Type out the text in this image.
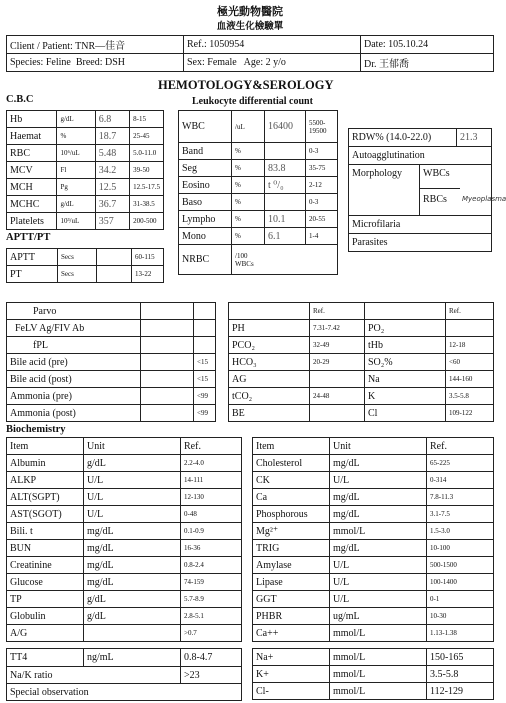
極光動物醫院
血液生化檢驗單
Client / Patient: TNR—佳音	Ref.: 1050954	Date: 105.10.24
Species: Feline Breed: DSH	Sex: Female Age: 2 y/o	Dr. 王郁喬
HEMOTOLOGY&SEROLOGY
C.B.C
Hb	g/dL	6.8	8-15
Haemat	%	18.7	25-45
RBC	10⁶/uL	5.48	5.0-11.0
MCV	Fl	34.2	39-50
MCH	Pg	12.5	12.5-17.5
MCHC	g/dL	36.7	31-38.5
Platelets	10³/uL	357	200-500
Leukocyte differential count
WBC	/uL	16400	5500-
19500

Band	%		0-3
Seg	%	83.8	35-75
Eosino	%	t ⁰/₀	2-12
Baso	%		0-3
Lympho	%	10.1	20-55
Mono	%	6.1	1-4
NRBC	/100
WBCs		
RDW% (14.0-22.0)	21.3
Autoagglutination

Morphology	WBCs
RBCs	Myeoplasma

Microfilaria
Parasites
APTT/PT
APTT	Secs		60-115
PT	Secs		13-22
Parvo		
FeLV Ag/FIV Ab		
fPL		
Bile acid (pre)		<15
Bile acid (post)		<15
Ammonia (pre)		<99
Ammonia (post)		<99
	Ref.		Ref.
PH	7.31-7.42	PO₂	
PCO₂	32-49	tHb	12-18
HCO₃	20-29	SO₂%	<60
AG		Na	144-160
tCO₂	24-48	K	3.5-5.8
BE		Cl	109-122
Biochemistry
Item	Unit	Ref.
Albumin	g/dL	2.2-4.0
ALKP	U/L	14-111
ALT(SGPT)	U/L	12-130
AST(SGOT)	U/L	0-48
Bili. t	mg/dL	0.1-0.9
BUN	mg/dL	16-36
Creatinine	mg/dL	0.8-2.4
Glucose	mg/dL	74-159
TP	g/dL	5.7-8.9
Globulin	g/dL	2.8-5.1
A/G		>0.7
Item	Unit	Ref.
Cholesterol	mg/dL	65-225
CK	U/L	0-314
Ca	mg/dL	7.8-11.3
Phosphorous	mg/dL	3.1-7.5
Mg²⁺	mmol/L	1.5-3.0
TRIG	mg/dL	10-100
Amylase	U/L	500-1500
Lipase	U/L	100-1400
GGT	U/L	0-1
PHBR	ug/mL	10-30
Ca++	mmol/L	1.13-1.38
TT4	ng/mL	0.8-4.7
Na/K ratio		>23
Special observation		
Na+	mmol/L	150-165
K+	mmol/L	3.5-5.8
Cl-	mmol/L	112-129
